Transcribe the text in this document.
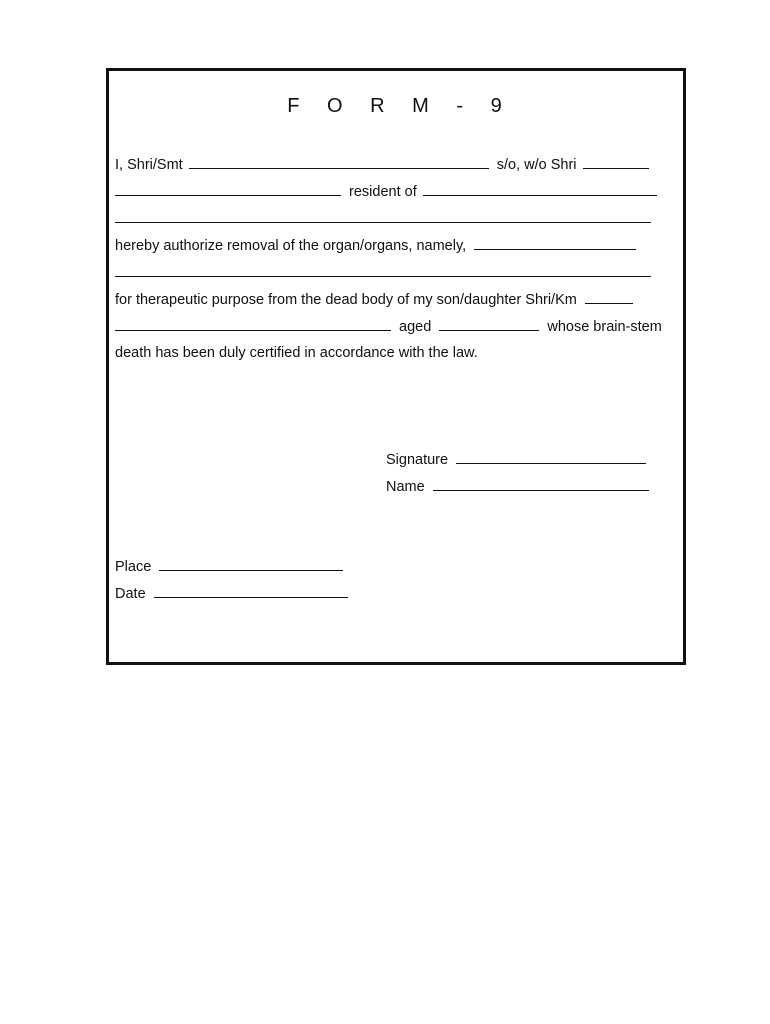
F O R M - 9
I, Shri/Smt	s/o, w/o Shri
resident of
hereby authorize removal of the organ/organs, namely,
for therapeutic purpose from the dead body of my son/daughter Shri/Km
aged	whose brain-stem
death has been duly certified in accordance with the law.
Signature
Name
Place
Date
